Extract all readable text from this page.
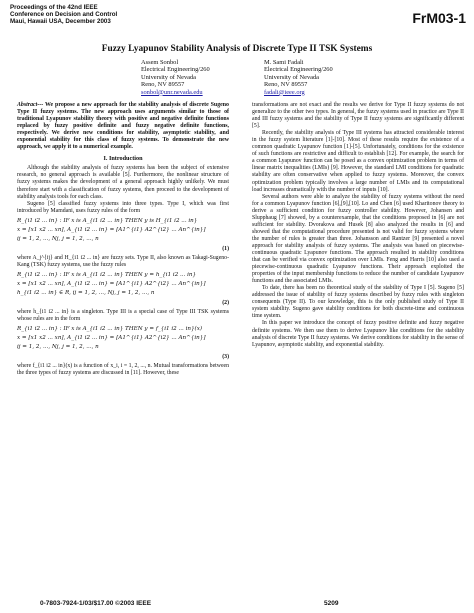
Proceedings of the 42nd IEEE
Conference on Decision and Control
Maui, Hawaii USA, December 2003	FrM03-1
Fuzzy Lyapunov Stability Analysis of Discrete Type II TSK Systems
Assem Sonbol
Electrical Engineering/260
University of Nevada
Reno, NV 89557
sonbol@unr.nevada.edu
M. Sami Fadali
Electrical Engineering/260
University of Nevada
Reno, NV 89557
fadali@ieee.org

Abstract--- We propose a new approach for the stability analysis of discrete Sugeno Type II fuzzy systems. The new approach uses arguments similar to those of traditional Lyapunov stability theory with positive and negative definite functions replaced by fuzzy positive definite and fuzzy negative definite functions, respectively. We derive new conditions for stability, asymptotic stability, and exponential stability for this class of fuzzy systems. To demonstrate the new approach, we apply it to a numerical example.

I. Introduction

Although the stability analysis of fuzzy systems has been the subject of extensive research, no general approach is available [5]. Furthermore, the nonlinear structure of fuzzy systems makes the development of a general approach highly unlikely. We must therefore start with a classification of fuzzy systems, then proceed to the development of stability analysis tools for each class.

Sugeno [5] classified fuzzy systems into three types. Type I, which was first introduced by Mamdani, uses fuzzy rules of the form

R_{i1 i2 ... in} : IF x is A_{i1 i2 ... in} THEN y is H_{i1 i2 ... in}
x = [x1 x2 ... xn], A_{i1 i2 ... in} = [A1^{i1} A2^{i2} ... An^{in}]
ij = 1, 2, ..., Nj, j = 1, 2, ..., n
(1)

where A_j^{ij} and H_{i1 i2 ... in} are fuzzy sets. Type II, also known as Takagi-Sugeno-Kang (TSK) fuzzy systems, use the fuzzy rules

R_{i1 i2 ... in} : IF x is A_{i1 i2 ... in} THEN y = h_{i1 i2 ... in}
x = [x1 x2 ... xn], A_{i1 i2 ... in} = [A1^{i1} A2^{i2} ... An^{in}]
h_{i1 i2 ... in} ∈ R, ij = 1, 2, ..., Nj, j = 1, 2, ..., n
(2)

where h_{i1 i2 ... in} is a singleton. Type III is a special case of Type III TSK systems whose rules are in the form

R_{i1 i2 ... in} : IF x is A_{i1 i2 ... in} THEN y = f_{i1 i2 ... in}(x)
x = [x1 x2 ... xn], A_{i1 i2 ... in} = [A1^{i1} A2^{i2} ... An^{in}]
ij = 1, 2, ..., Nj, j = 1, 2, ..., n
(3)

where f_{i1 i2 ... in}(x) is a function of x_i, i = 1, 2, ..., n. Mutual transformations between the three types of fuzzy systems are discussed in [11]. However, these

transformations are not exact and the results we derive for Type II fuzzy systems do not generalize to the other two types. In general, the fuzzy systems used in practice are Type II and III fuzzy systems and the stability of Type II fuzzy systems are significantly different [5].

Recently, the stability analysis of Type III systems has attracted considerable interest in the fuzzy system literature [1]-[10]. Most of these results require the existence of a common quadratic Lyapunov function [1]-[5]. Unfortunately, conditions for the existence of such functions are restrictive and difficult to establish [12]. For example, the search for a common Lyapunov function can be posed as a convex optimization problem in terms of linear matrix inequalities (LMIs) [9]. However, the standard LMI conditions for quadratic stability are often conservative when applied to fuzzy systems. Moreover, the convex optimization problem typically involves a large number of LMIs and its computational load increases dramatically with the number of inputs [10].

Several authors were able to analyze the stability of fuzzy systems without the need for a common Lyapunov function [6],[9],[10]. Lo and Chen [6] used Kharitonov theory to derive a sufficient condition for fuzzy controller stability. However, Johansen and Slupphaug [7] showed, by a counterexample, that the conditions proposed in [6] are not sufficient for stability. Dvorakova and Husek [8] also analyzed the results in [6] and showed that the computational procedure presented is not valid for fuzzy systems where the number of rules is greater than three. Johansson and Rantzer [9] presented a novel approach for stability analysis of fuzzy systems. The analysis was based on piecewise-continuous quadratic Lyapunov functions. The approach resulted in stability conditions that can be verified via convex optimization over LMIs. Feng and Harris [10] also used a piecewise-continuous quadratic Lyapunov functions. Their approach exploited the properties of the input membership functions to reduce the number of candidate Lyapunov functions and the associated LMIs.

To date, there has been no theoretical study of the stability of Type I [5]. Sugeno [5] addressed the issue of stability of fuzzy systems described by fuzzy rules with singleton consequents (Type II). To our knowledge, this is the only published study of Type II system stability. Sugeno gave stability conditions for both discrete-time and continuous time system.

In this paper we introduce the concept of fuzzy positive definite and fuzzy negative definite systems. We then use them to derive Lyapunov like conditions for the stability analysis of discrete Type II fuzzy systems. We derive conditions for stability in the sense of Lyapunov, asymptotic stability, and exponential stability.

0-7803-7924-1/03/$17.00 ©2003 IEEE	5209
